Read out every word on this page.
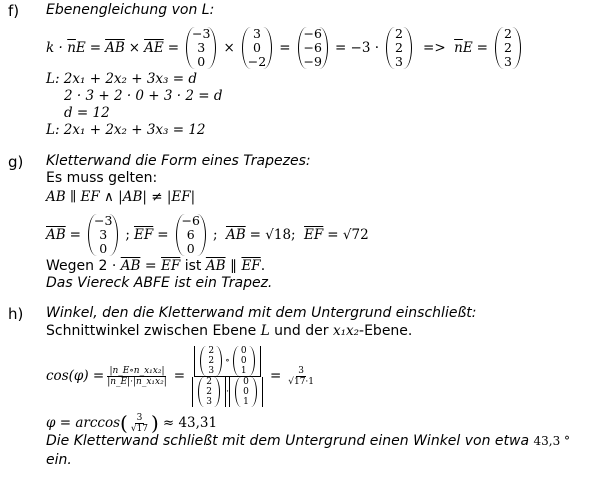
f) Ebenengleichung von L:
k ·
$\overline{n}$ $E = \overline{AB} \times \overline{AE}$ =
−3
3
0
×
3
0
−2
=
−6
−6
−9
= −3 ·
2
2
3
=>
$\overline{n}$ E =
2
2
3
L: 2x₁ + 2x₂ + 3x₃ = d
2 · 3 + 2 · 0 + 3 · 2 = d
d = 12
L: 2x₁ + 2x₂ + 3x₃ = 12
g) Kletterwand die Form eines Trapezes:
Es muss gelten:
AB ∥ EF ∧ |AB| ≠ |EF|
$\overline{AB}$ =
−3
3
0
; $\overline{EF}$ =
−6
6
0
;
$\overline{AB} = √18$;
$\overline{EF} = √72$
Wegen 2 ·
$\overline{AB}$
=
$\overline{EF}$
ist
$\overline{AB}$
∥
$\overline{EF}$ .
Das Viereck ABFE ist ein Trapez.
h) Winkel, den die Kletterwand mit dem Untergrund einschließt:
Schnittwinkel zwischen Ebene
L
und der
x₁x₂ -Ebene.
$\cos(\varphi) = \frac{\text{|n\_E∘n\_x₁x₂|}}{\text{|n\_E|·|n\_x₁x₂|}} = 2$
2
3
∘
0
0
1
2
2
3
·
0
0
$1 = \frac{3}{√17\cdot 1}$
φ = arccos ( $\frac{3}{√17}$ ) ≈ 43,31
Die Kletterwand schließt mit dem Untergrund einen Winkel von etwa
43,3 °
ein.
